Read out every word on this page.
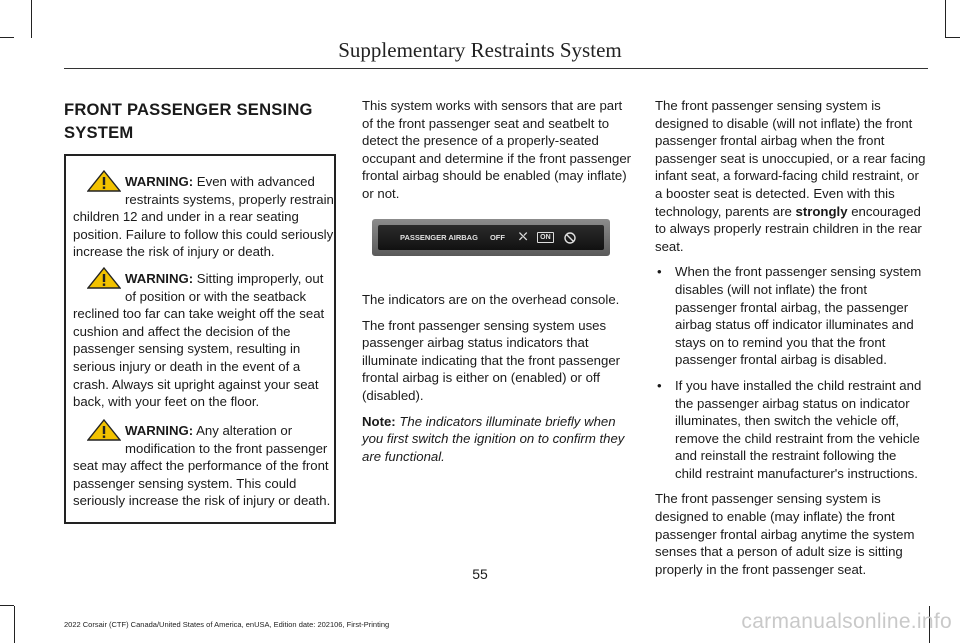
Supplementary Restraints System
FRONT PASSENGER SENSING SYSTEM
WARNING: Even with advanced restraints systems, properly restrain children 12 and under in a rear seating position. Failure to follow this could seriously increase the risk of injury or death.
WARNING: Sitting improperly, out of position or with the seatback reclined too far can take weight off the seat cushion and affect the decision of the passenger sensing system, resulting in serious injury or death in the event of a crash. Always sit upright against your seat back, with your feet on the floor.
WARNING: Any alteration or modification to the front passenger seat may affect the performance of the front passenger sensing system. This could seriously increase the risk of injury or death.

This system works with sensors that are part of the front passenger seat and seatbelt to detect the presence of a properly-seated occupant and determine if the front passenger frontal airbag should be enabled (may inflate) or not.

PASSENGER AIRBAG OFF ⛌	ON

The indicators are on the overhead console.

The front passenger sensing system uses passenger airbag status indicators that illuminate indicating that the front passenger frontal airbag is either on (enabled) or off (disabled).

Note: The indicators illuminate briefly when you first switch the ignition on to confirm they are functional.

The front passenger sensing system is designed to disable (will not inflate) the front passenger frontal airbag when the front passenger seat is unoccupied, or a rear facing infant seat, a forward-facing child restraint, or a booster seat is detected. Even with this technology, parents are strongly encouraged to always properly restrain children in the rear seat.

• When the front passenger sensing system disables (will not inflate) the front passenger frontal airbag, the passenger airbag status off indicator illuminates and stays on to remind you that the front passenger frontal airbag is disabled.
• If you have installed the child restraint and the passenger airbag status on indicator illuminates, then switch the vehicle off, remove the child restraint from the vehicle and reinstall the restraint following the child restraint manufacturer's instructions.

The front passenger sensing system is designed to enable (may inflate) the front passenger frontal airbag anytime the system senses that a person of adult size is sitting properly in the front passenger seat.

55
2022 Corsair (CTF) Canada/United States of America, enUSA, Edition date: 202106, First-Printing	carmanualsonline.info
